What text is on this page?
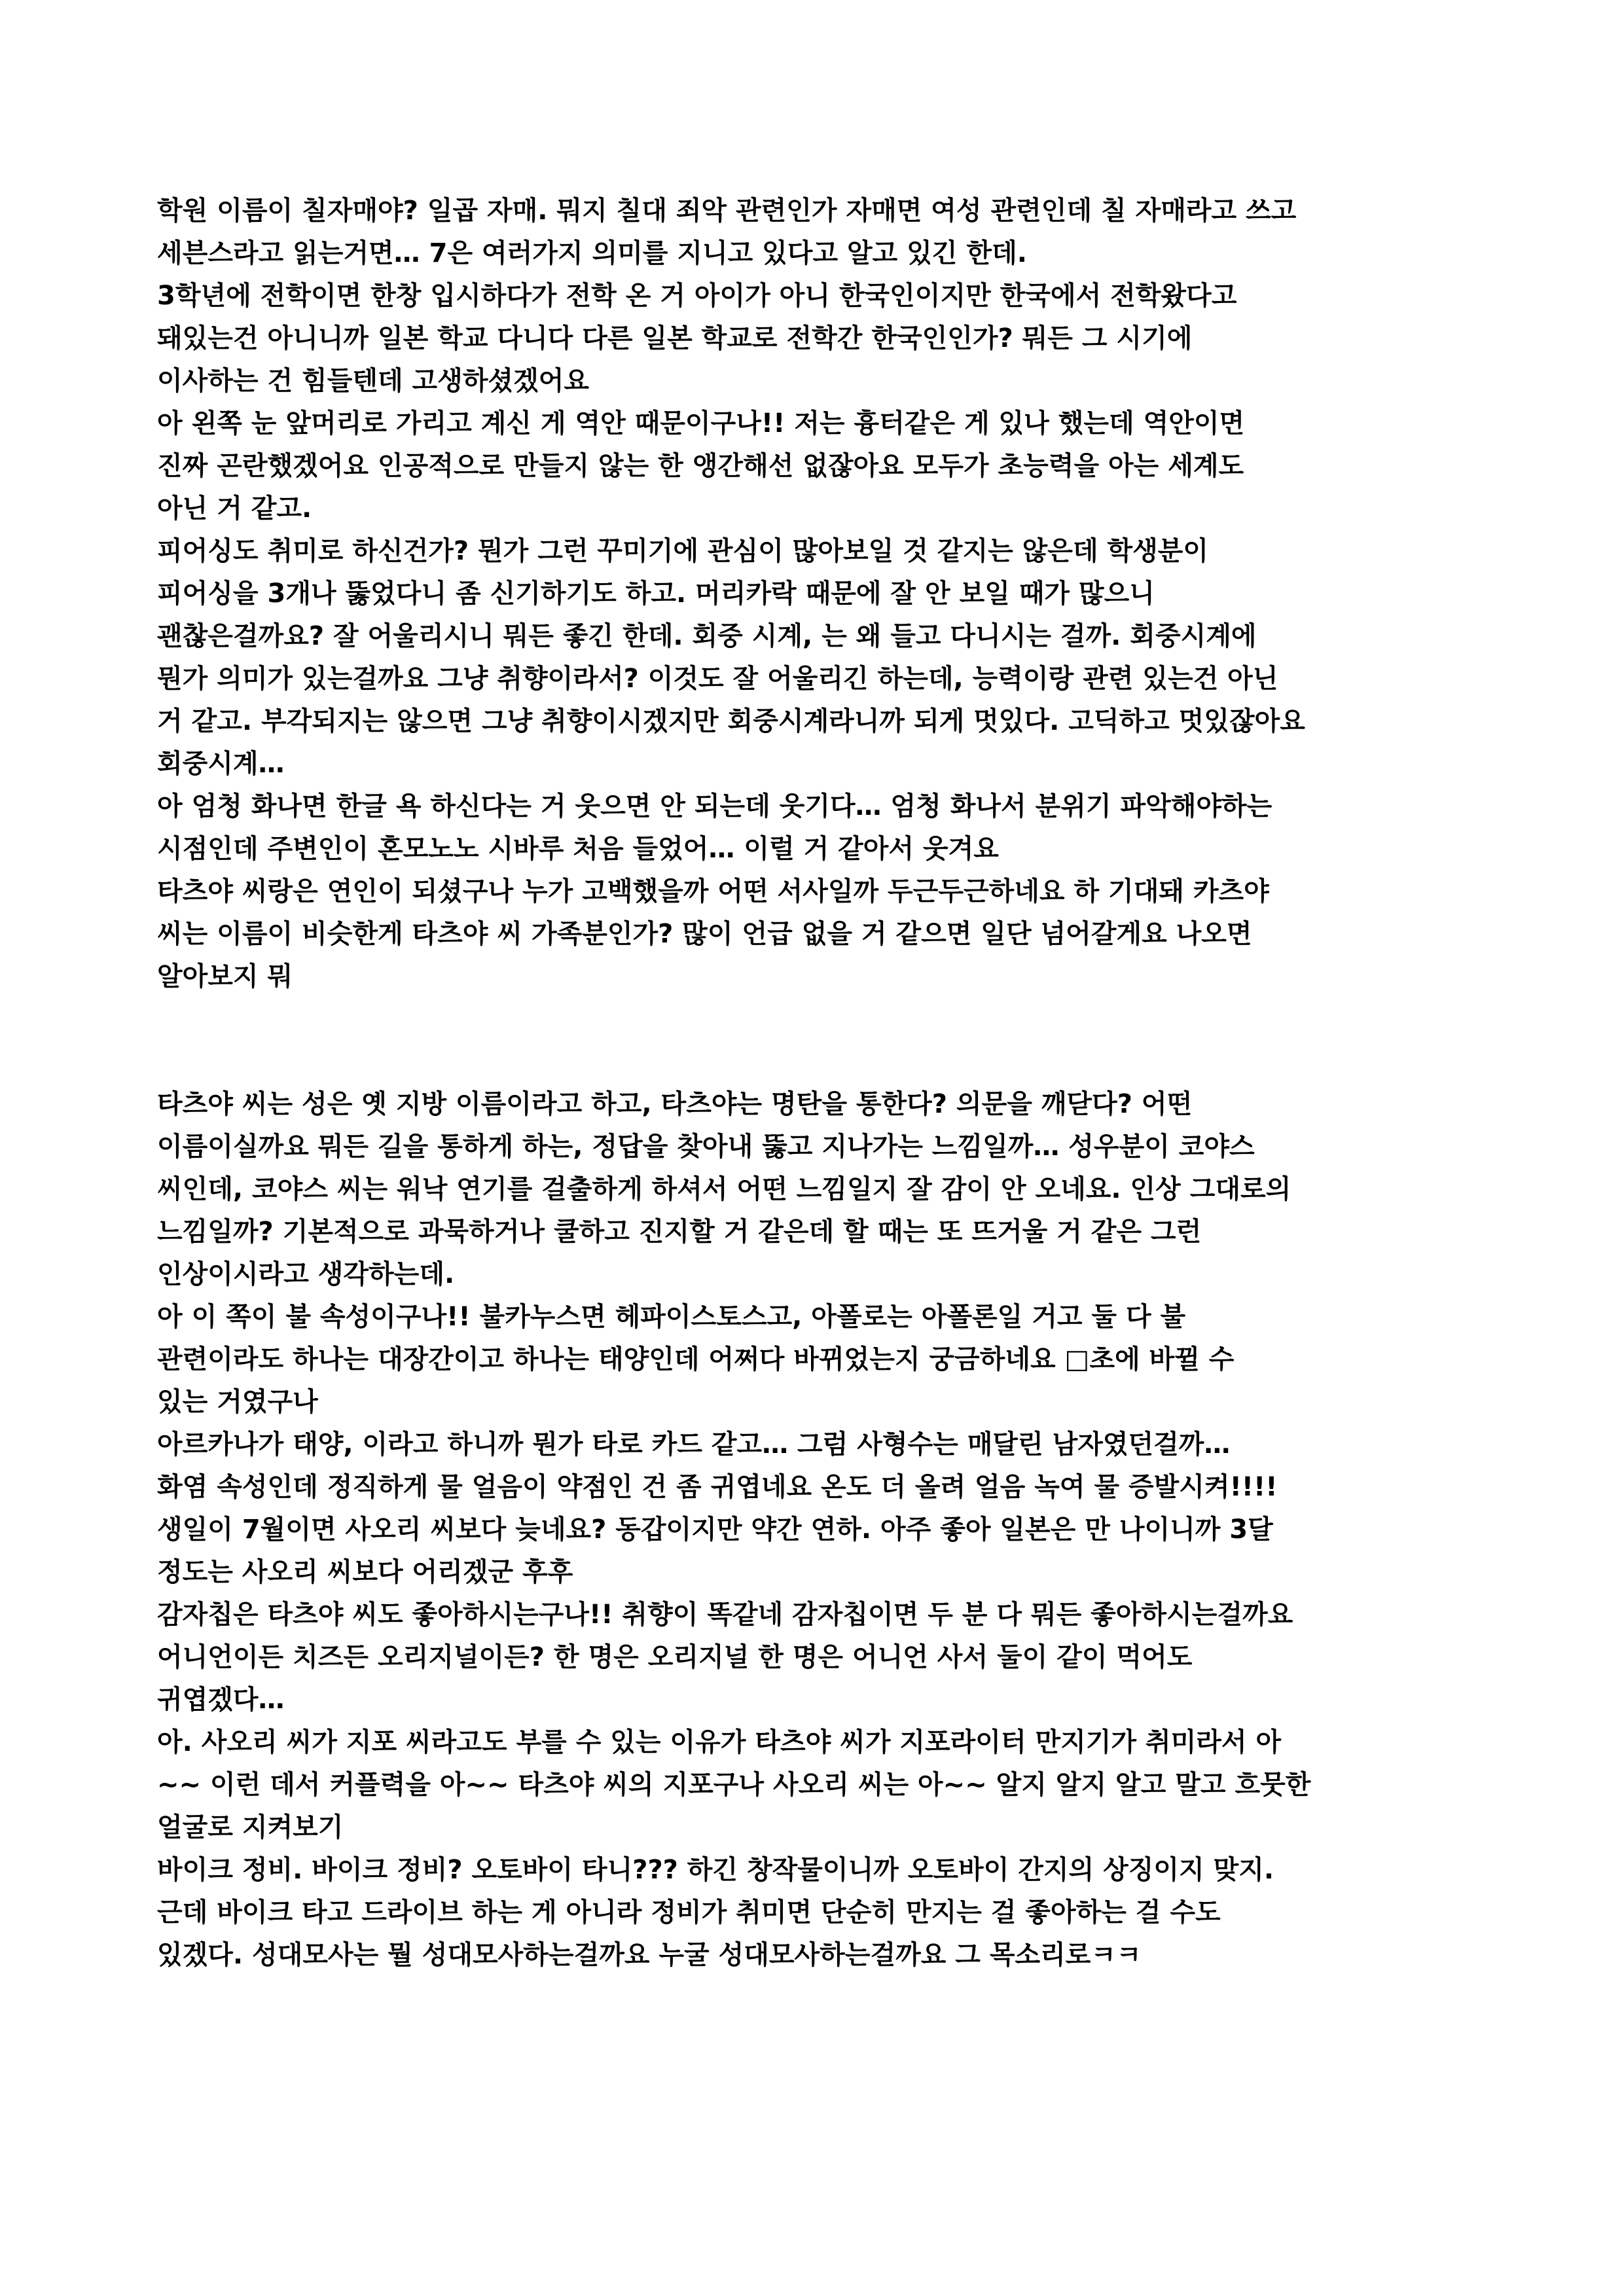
학원 이름이 칠자매야? 일곱 자매. 뭐지 칠대 죄악 관련인가 자매면 여성 관련인데 칠 자매라고 쓰고
세븐스라고 읽는거면… 7은 여러가지 의미를 지니고 있다고 알고 있긴 한데.
3학년에 전학이면 한창 입시하다가 전학 온 거 아이가 아니 한국인이지만 한국에서 전학왔다고
돼있는건 아니니까 일본 학교 다니다 다른 일본 학교로 전학간 한국인인가? 뭐든 그 시기에
이사하는 건 힘들텐데 고생하셨겠어요
아 왼쪽 눈 앞머리로 가리고 계신 게 역안 때문이구나!! 저는 흉터같은 게 있나 했는데 역안이면
진짜 곤란했겠어요 인공적으로 만들지 않는 한 앵간해선 없잖아요 모두가 초능력을 아는 세계도
아닌 거 같고.
피어싱도 취미로 하신건가? 뭔가 그런 꾸미기에 관심이 많아보일 것 같지는 않은데 학생분이
피어싱을 3개나 뚫었다니 좀 신기하기도 하고. 머리카락 때문에 잘 안 보일 때가 많으니
괜찮은걸까요? 잘 어울리시니 뭐든 좋긴 한데. 회중 시계, 는 왜 들고 다니시는 걸까. 회중시계에
뭔가 의미가 있는걸까요 그냥 취향이라서? 이것도 잘 어울리긴 하는데, 능력이랑 관련 있는건 아닌
거 같고. 부각되지는 않으면 그냥 취향이시겠지만 회중시계라니까 되게 멋있다. 고딕하고 멋있잖아요
회중시계…
아 엄청 화나면 한글 욕 하신다는 거 웃으면 안 되는데 웃기다… 엄청 화나서 분위기 파악해야하는
시점인데 주변인이 혼모노노 시바루 처음 들었어… 이럴 거 같아서 웃겨요
타츠야 씨랑은 연인이 되셨구나 누가 고백했을까 어떤 서사일까 두근두근하네요 하 기대돼 카츠야
씨는 이름이 비슷한게 타츠야 씨 가족분인가? 많이 언급 없을 거 같으면 일단 넘어갈게요 나오면
알아보지 뭐
타츠야 씨는 성은 옛 지방 이름이라고 하고, 타츠야는 명탄을 통한다? 의문을 깨닫다? 어떤
이름이실까요 뭐든 길을 통하게 하는, 정답을 찾아내 뚫고 지나가는 느낌일까… 성우분이 코야스
씨인데, 코야스 씨는 워낙 연기를 걸출하게 하셔서 어떤 느낌일지 잘 감이 안 오네요. 인상 그대로의
느낌일까? 기본적으로 과묵하거나 쿨하고 진지할 거 같은데 할 때는 또 뜨거울 거 같은 그런
인상이시라고 생각하는데.
아 이 쪽이 불 속성이구나!! 불카누스면 헤파이스토스고, 아폴로는 아폴론일 거고 둘 다 불
관련이라도 하나는 대장간이고 하나는 태양인데 어쩌다 바뀌었는지 궁금하네요 □초에 바뀔 수
있는 거였구나
아르카나가 태양, 이라고 하니까 뭔가 타로 카드 같고… 그럼 사형수는 매달린 남자였던걸까…
화염 속성인데 정직하게 물 얼음이 약점인 건 좀 귀엽네요 온도 더 올려 얼음 녹여 물 증발시켜!!!!
생일이 7월이면 사오리 씨보다 늦네요? 동갑이지만 약간 연하. 아주 좋아 일본은 만 나이니까 3달
정도는 사오리 씨보다 어리겠군 후후
감자칩은 타츠야 씨도 좋아하시는구나!! 취향이 똑같네 감자칩이면 두 분 다 뭐든 좋아하시는걸까요
어니언이든 치즈든 오리지널이든? 한 명은 오리지널 한 명은 어니언 사서 둘이 같이 먹어도
귀엽겠다…
아. 사오리 씨가 지포 씨라고도 부를 수 있는 이유가 타츠야 씨가 지포라이터 만지기가 취미라서 아
~~ 이런 데서 커플력을 아~~ 타츠야 씨의 지포구나 사오리 씨는 아~~ 알지 알지 알고 말고 흐뭇한
얼굴로 지켜보기
바이크 정비. 바이크 정비? 오토바이 타니??? 하긴 창작물이니까 오토바이 간지의 상징이지 맞지.
근데 바이크 타고 드라이브 하는 게 아니라 정비가 취미면 단순히 만지는 걸 좋아하는 걸 수도
있겠다. 성대모사는 뭘 성대모사하는걸까요 누굴 성대모사하는걸까요 그 목소리로ㅋㅋ
